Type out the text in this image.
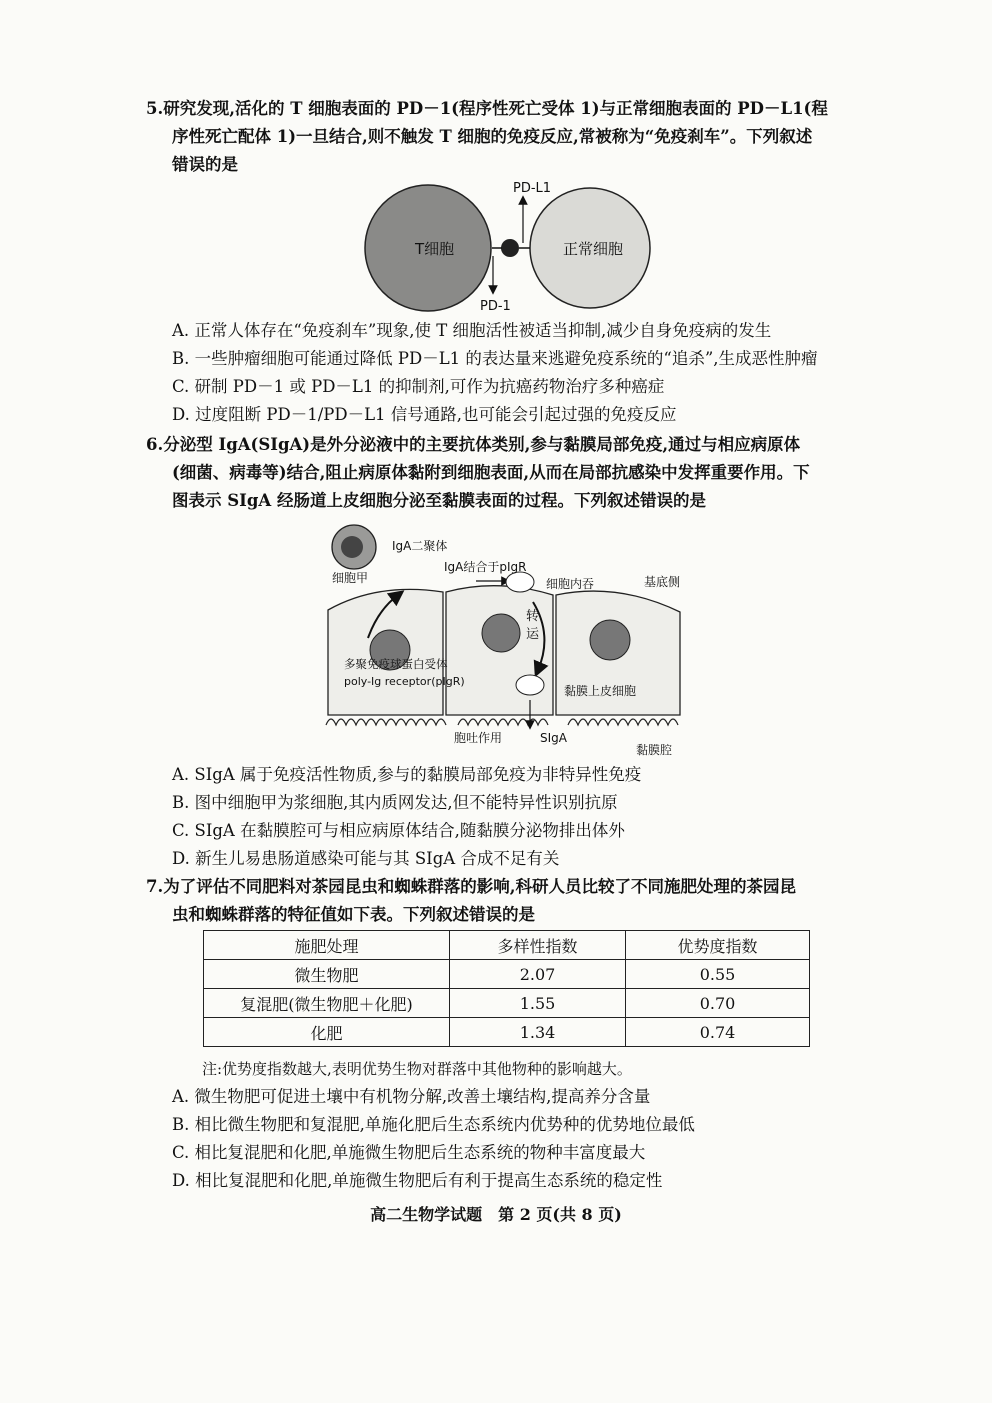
5.研究发现,活化的 T 细胞表面的 PD－1(程序性死亡受体 1)与正常细胞表面的 PD－L1(程
序性死亡配体 1)一旦结合,则不触发 T 细胞的免疫反应,常被称为“免疫刹车”。下列叙述
错误的是
T细胞	正常细胞
PD-L1
PD-1
A. 正常人体存在“免疫刹车”现象,使 T 细胞活性被适当抑制,减少自身免疫病的发生
B. 一些肿瘤细胞可能通过降低 PD－L1 的表达量来逃避免疫系统的“追杀”,生成恶性肿瘤
C. 研制 PD－1 或 PD－L1 的抑制剂,可作为抗癌药物治疗多种癌症
D. 过度阻断 PD－1/PD－L1 信号通路,也可能会引起过强的免疫反应
6.分泌型 IgA(SIgA)是外分泌液中的主要抗体类别,参与黏膜局部免疫,通过与相应病原体
(细菌、病毒等)结合,阻止病原体黏附到细胞表面,从而在局部抗感染中发挥重要作用。下
图表示 SIgA 经肠道上皮细胞分泌至黏膜表面的过程。下列叙述错误的是
IgA二聚体
IgA结合于pIgR
细胞甲	细胞内吞	基底侧
转
运
多聚免疫球蛋白受体
poly-Ig receptor(pIgR)
黏膜上皮细胞
胞吐作用	SIgA
黏膜腔
A. SIgA 属于免疫活性物质,参与的黏膜局部免疫为非特异性免疫
B. 图中细胞甲为浆细胞,其内质网发达,但不能特异性识别抗原
C. SIgA 在黏膜腔可与相应病原体结合,随黏膜分泌物排出体外
D. 新生儿易患肠道感染可能与其 SIgA 合成不足有关
7.为了评估不同肥料对茶园昆虫和蜘蛛群落的影响,科研人员比较了不同施肥处理的茶园昆
虫和蜘蛛群落的特征值如下表。下列叙述错误的是
施肥处理	多样性指数	优势度指数
微生物肥	2.07	0.55
复混肥(微生物肥＋化肥)	1.55	0.70
化肥	1.34	0.74
注:优势度指数越大,表明优势生物对群落中其他物种的影响越大。
A. 微生物肥可促进土壤中有机物分解,改善土壤结构,提高养分含量
B. 相比微生物肥和复混肥,单施化肥后生态系统内优势种的优势地位最低
C. 相比复混肥和化肥,单施微生物肥后生态系统的物种丰富度最大
D. 相比复混肥和化肥,单施微生物肥后有利于提高生态系统的稳定性
高二生物学试题　第 2 页(共 8 页)
